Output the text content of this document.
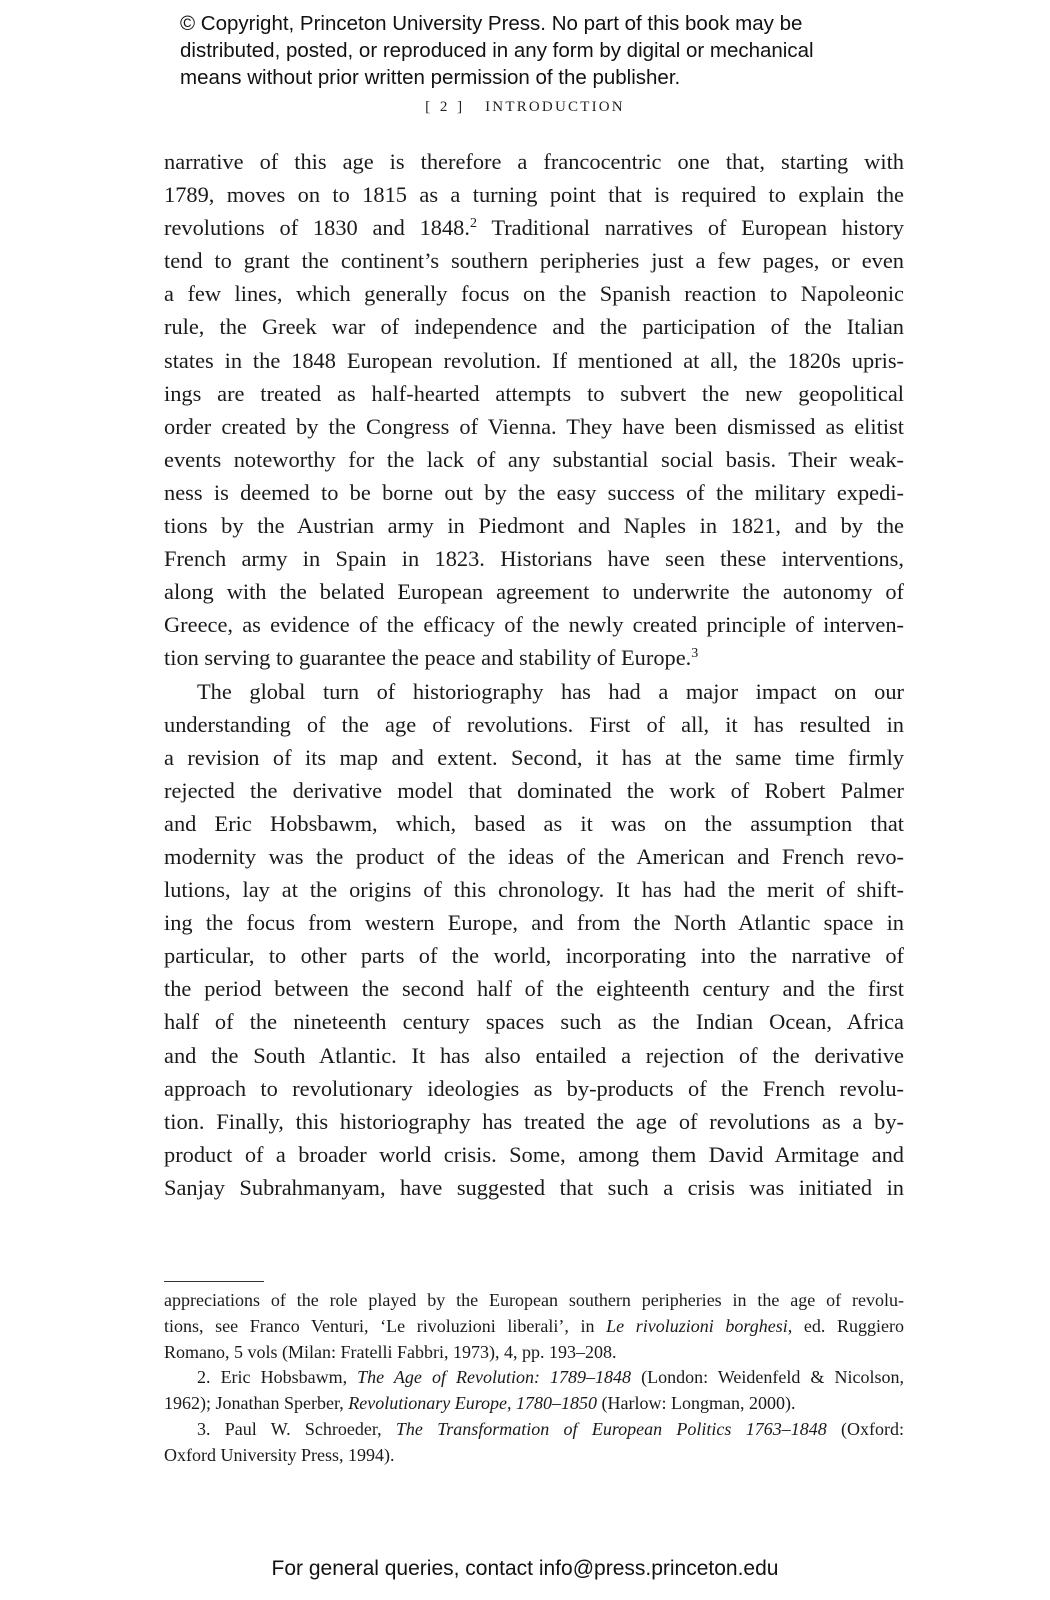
© Copyright, Princeton University Press. No part of this book may be
distributed, posted, or reproduced in any form by digital or mechanical
means without prior written permission of the publisher.
[ 2 ] INTRODUCTION
narrative of this age is therefore a francocentric one that, starting with
1789, moves on to 1815 as a turning point that is required to explain the
revolutions of 1830 and 1848.$^2$ Traditional narratives of European history
tend to grant the continent’s southern peripheries just a few pages, or even
a few lines, which generally focus on the Spanish reaction to Napoleonic
rule, the Greek war of independence and the participation of the Italian
states in the 1848 European revolution. If mentioned at all, the 1820s upris-
ings are treated as half-hearted attempts to subvert the new geopolitical
order created by the Congress of Vienna. They have been dismissed as elitist
events noteworthy for the lack of any substantial social basis. Their weak-
ness is deemed to be borne out by the easy success of the military expedi-
tions by the Austrian army in Piedmont and Naples in 1821, and by the
French army in Spain in 1823. Historians have seen these interventions,
along with the belated European agreement to underwrite the autonomy of
Greece, as evidence of the efficacy of the newly created principle of interven-
tion serving to guarantee the peace and stability of Europe.$^3$
The global turn of historiography has had a major impact on our
understanding of the age of revolutions. First of all, it has resulted in
a revision of its map and extent. Second, it has at the same time firmly
rejected the derivative model that dominated the work of Robert Palmer
and Eric Hobsbawm, which, based as it was on the assumption that
modernity was the product of the ideas of the American and French revo-
lutions, lay at the origins of this chronology. It has had the merit of shift-
ing the focus from western Europe, and from the North Atlantic space in
particular, to other parts of the world, incorporating into the narrative of
the period between the second half of the eighteenth century and the first
half of the nineteenth century spaces such as the Indian Ocean, Africa
and the South Atlantic. It has also entailed a rejection of the derivative
approach to revolutionary ideologies as by-products of the French revolu-
tion. Finally, this historiography has treated the age of revolutions as a by-
product of a broader world crisis. Some, among them David Armitage and
Sanjay Subrahmanyam, have suggested that such a crisis was initiated in
appreciations of the role played by the European southern peripheries in the age of revolu-
tions, see Franco Venturi, ‘Le rivoluzioni liberali’, in Le rivoluzioni borghesi, ed. Ruggiero
Romano, 5 vols (Milan: Fratelli Fabbri, 1973), 4, pp. 193–208.
2. Eric Hobsbawm, The Age of Revolution: 1789–1848 (London: Weidenfeld & Nicolson,
1962); Jonathan Sperber, Revolutionary Europe, 1780–1850 (Harlow: Longman, 2000).
3. Paul W. Schroeder, The Transformation of European Politics 1763–1848 (Oxford:
Oxford University Press, 1994).
For general queries, contact info@press.princeton.edu
